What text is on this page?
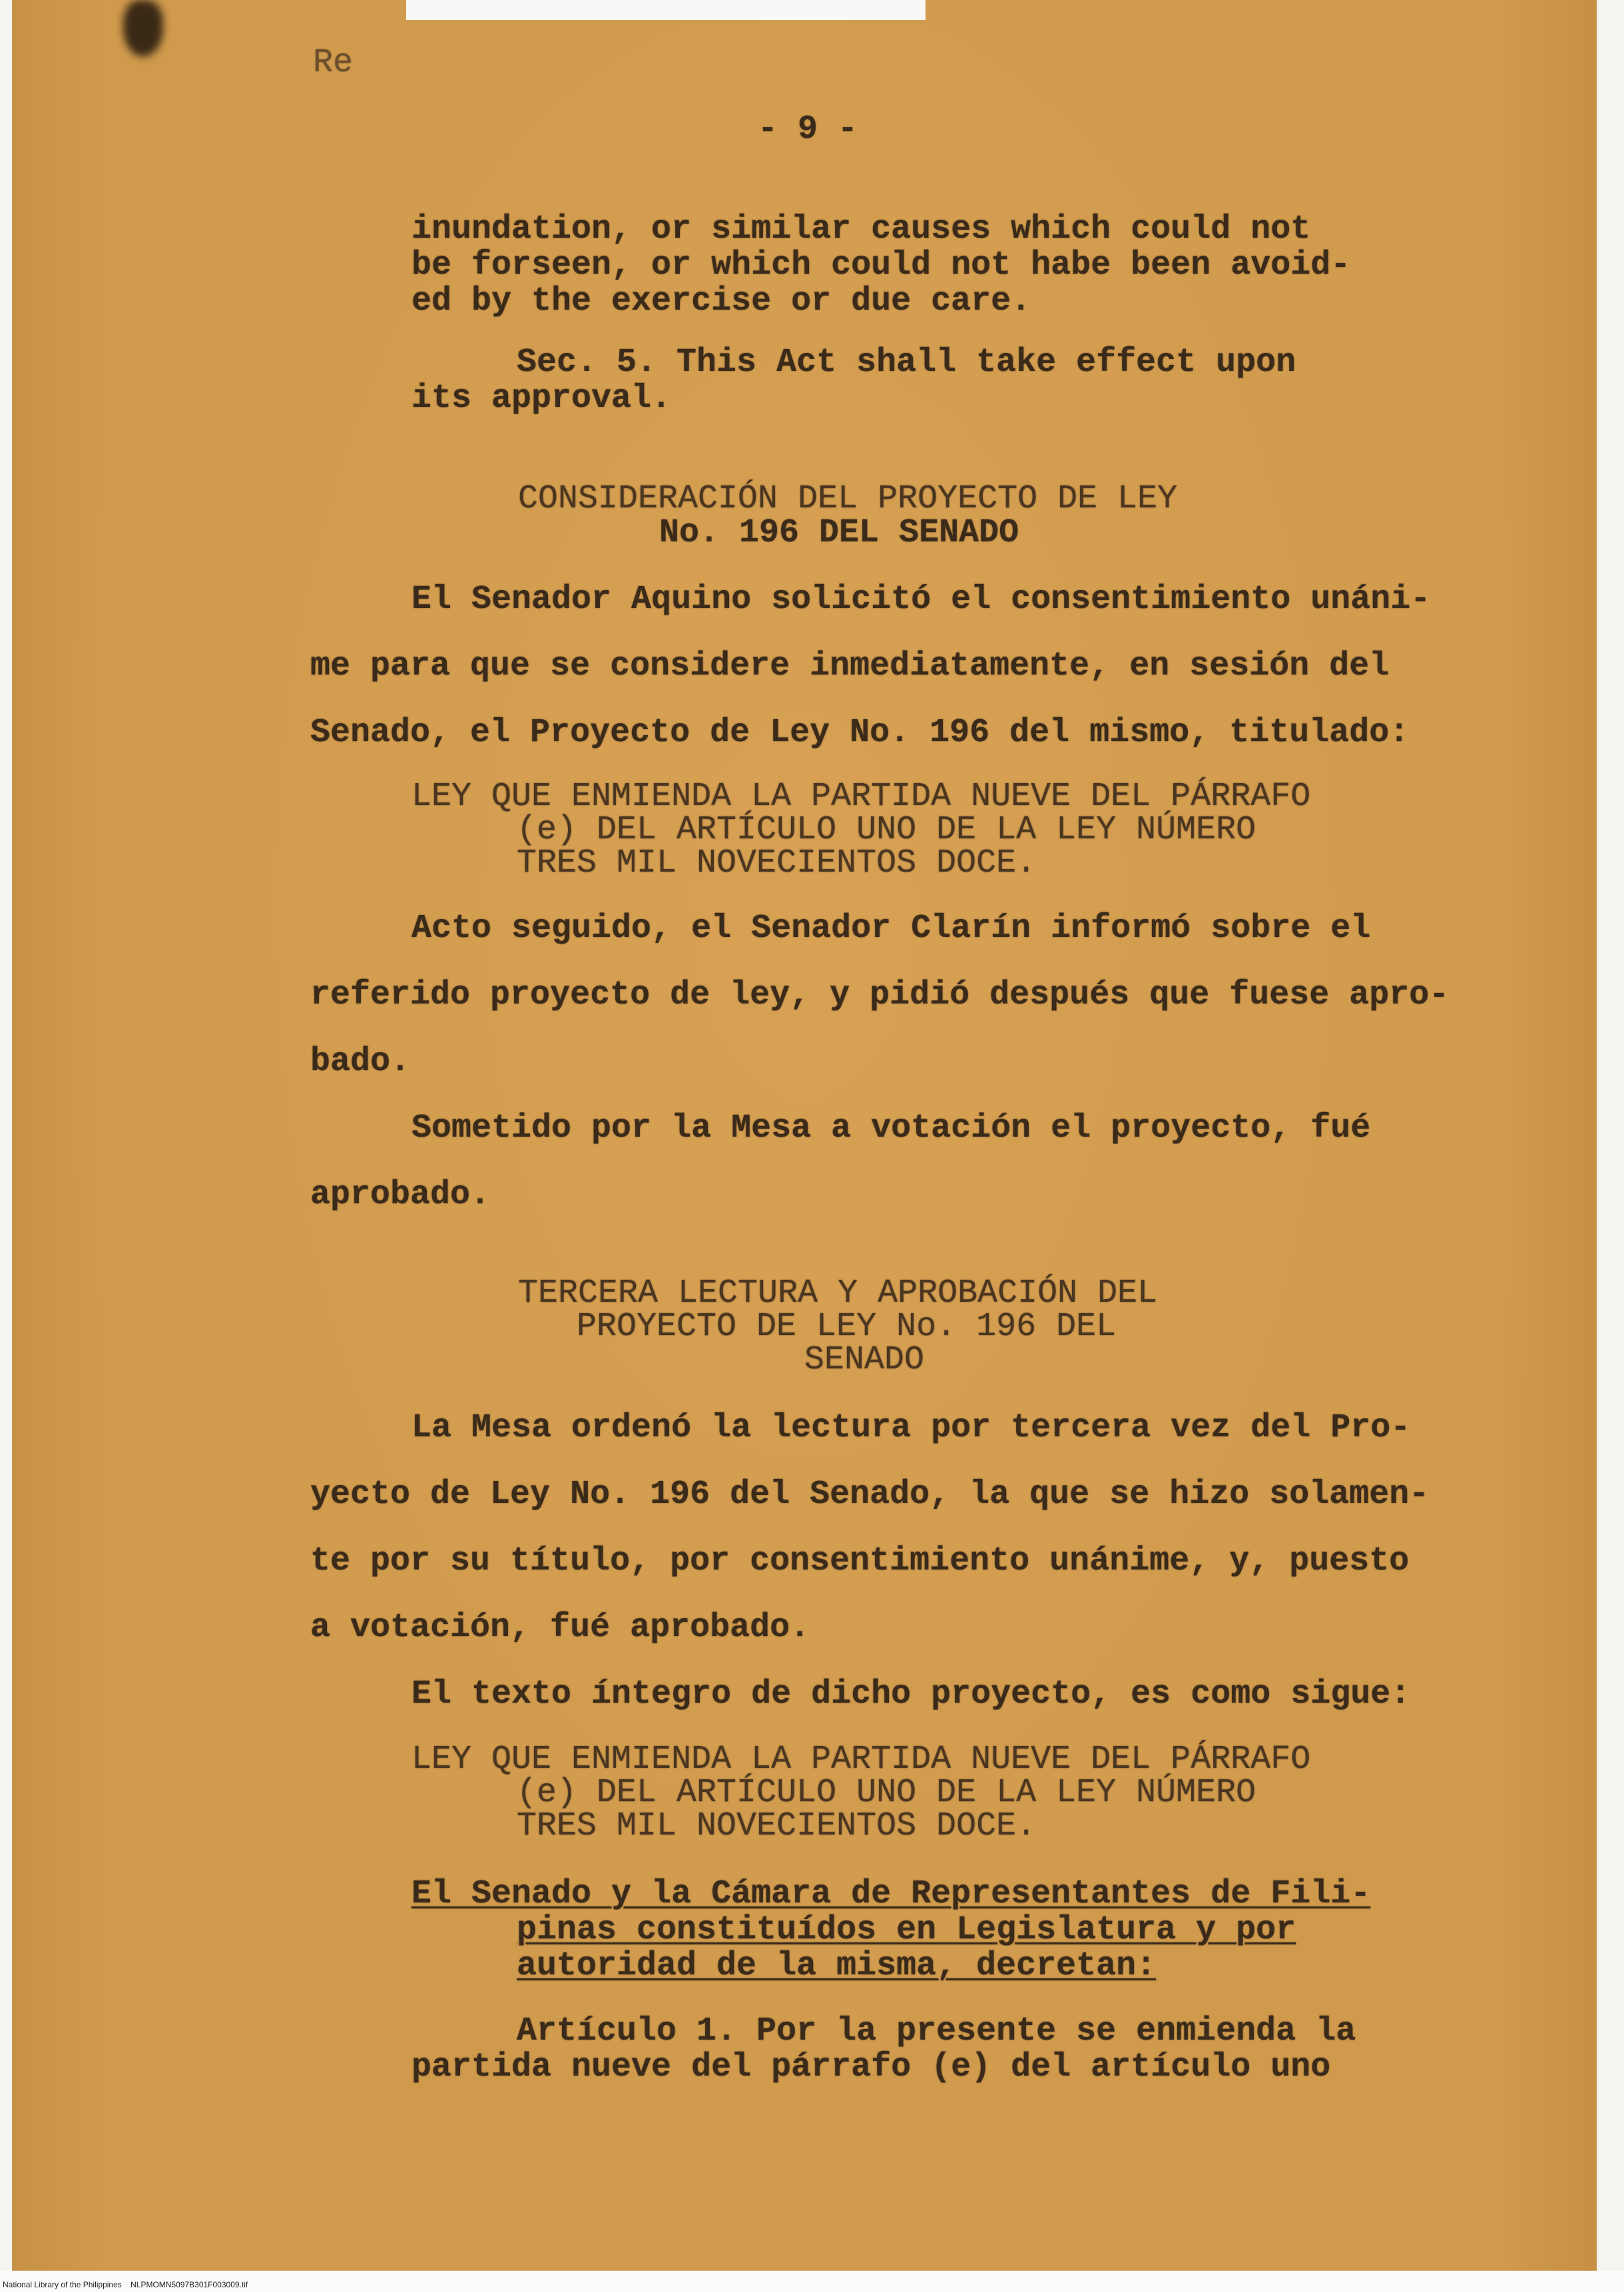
Re
- 9 -
inundation, or similar causes which could not
be forseen, or which could not habe been avoid-
ed by the exercise or due care.
Sec. 5. This Act shall take effect upon
its approval.
CONSIDERACIÓN DEL PROYECTO DE LEY
No. 196 DEL SENADO
El Senador Aquino solicitó el consentimiento unáni-
me para que se considere inmediatamente, en sesión del
Senado, el Proyecto de Ley No. 196 del mismo, titulado:
LEY QUE ENMIENDA LA PARTIDA NUEVE DEL PÁRRAFO
(e) DEL ARTÍCULO UNO DE LA LEY NÚMERO
TRES MIL NOVECIENTOS DOCE.
Acto seguido, el Senador Clarín informó sobre el
referido proyecto de ley, y pidió después que fuese apro-
bado.
Sometido por la Mesa a votación el proyecto, fué
aprobado.
TERCERA LECTURA Y APROBACIÓN DEL
PROYECTO DE LEY No. 196 DEL
SENADO
La Mesa ordenó la lectura por tercera vez del Pro-
yecto de Ley No. 196 del Senado, la que se hizo solamen-
te por su título, por consentimiento unánime, y, puesto
a votación, fué aprobado.
El texto íntegro de dicho proyecto, es como sigue:
LEY QUE ENMIENDA LA PARTIDA NUEVE DEL PÁRRAFO
(e) DEL ARTÍCULO UNO DE LA LEY NÚMERO
TRES MIL NOVECIENTOS DOCE.
El Senado y la Cámara de Representantes de Fili-
pinas constituídos en Legislatura y por
autoridad de la misma, decretan:
Artículo 1. Por la presente se enmienda la
partida nueve del párrafo (e) del artículo uno
National Library of the Philippines    NLPMOMN5097B301F003009.tif
